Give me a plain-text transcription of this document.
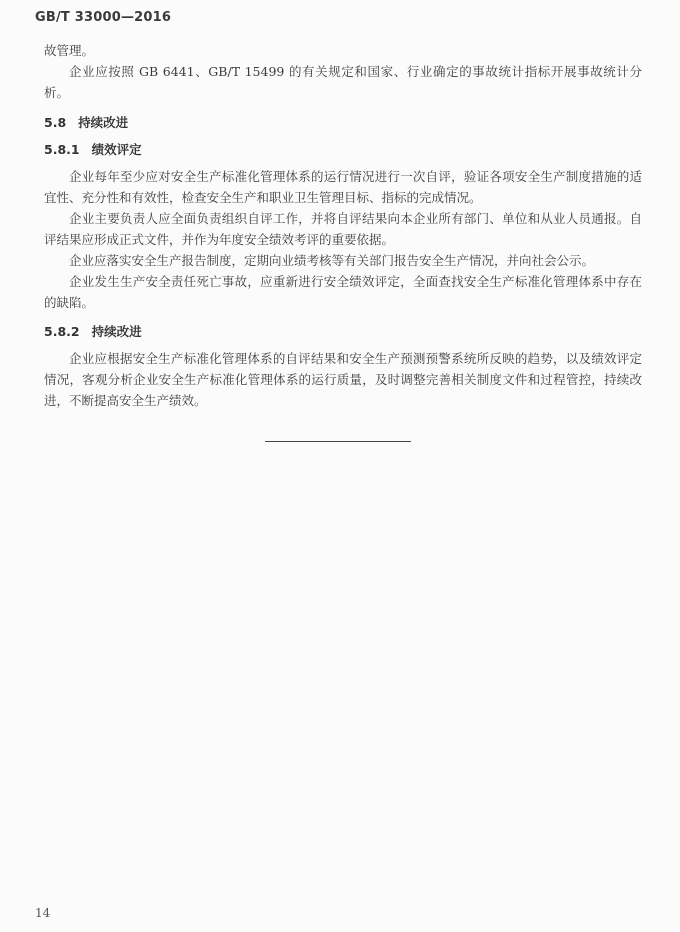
GB/T 33000—2016

故管理。

企业应按照 GB 6441、GB/T 15499 的有关规定和国家、行业确定的事故统计指标开展事故统计分析。

5.8 持续改进
5.8.1 绩效评定

企业每年至少应对安全生产标准化管理体系的运行情况进行一次自评，验证各项安全生产制度措施的适宜性、充分性和有效性，检查安全生产和职业卫生管理目标、指标的完成情况。

企业主要负责人应全面负责组织自评工作，并将自评结果向本企业所有部门、单位和从业人员通报。自评结果应形成正式文件，并作为年度安全绩效考评的重要依据。

企业应落实安全生产报告制度，定期向业绩考核等有关部门报告安全生产情况，并向社会公示。

企业发生生产安全责任死亡事故，应重新进行安全绩效评定，全面查找安全生产标准化管理体系中存在的缺陷。

5.8.2 持续改进

企业应根据安全生产标准化管理体系的自评结果和安全生产预测预警系统所反映的趋势，以及绩效评定情况，客观分析企业安全生产标准化管理体系的运行质量，及时调整完善相关制度文件和过程管控，持续改进，不断提高安全生产绩效。

14
